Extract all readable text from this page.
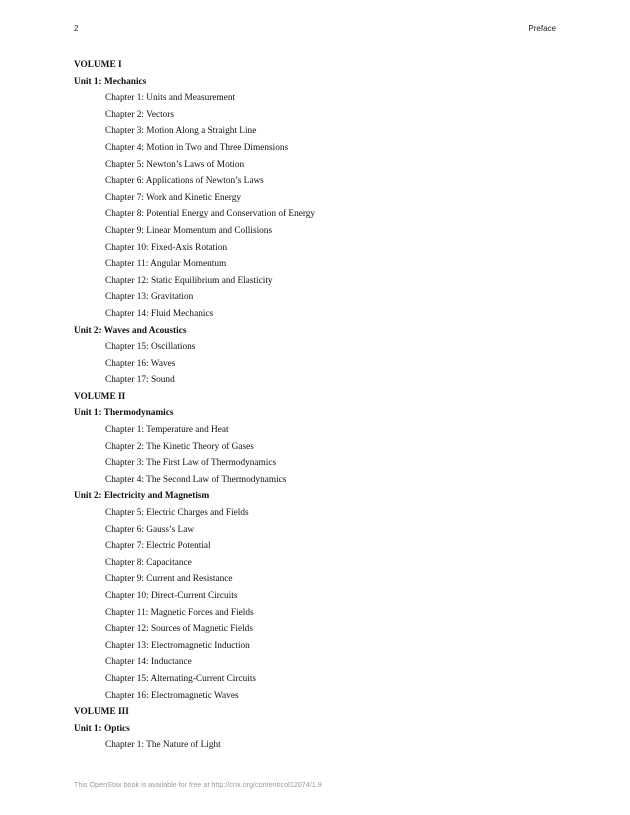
2	Preface
VOLUME I
Unit 1: Mechanics
Chapter 1: Units and Measurement
Chapter 2: Vectors
Chapter 3: Motion Along a Straight Line
Chapter 4: Motion in Two and Three Dimensions
Chapter 5: Newton’s Laws of Motion
Chapter 6: Applications of Newton’s Laws
Chapter 7: Work and Kinetic Energy
Chapter 8: Potential Energy and Conservation of Energy
Chapter 9: Linear Momentum and Collisions
Chapter 10: Fixed-Axis Rotation
Chapter 11: Angular Momentum
Chapter 12: Static Equilibrium and Elasticity
Chapter 13: Gravitation
Chapter 14: Fluid Mechanics
Unit 2: Waves and Acoustics
Chapter 15: Oscillations
Chapter 16: Waves
Chapter 17: Sound
VOLUME II
Unit 1: Thermodynamics
Chapter 1: Temperature and Heat
Chapter 2: The Kinetic Theory of Gases
Chapter 3: The First Law of Thermodynamics
Chapter 4: The Second Law of Thermodynamics
Unit 2: Electricity and Magnetism
Chapter 5: Electric Charges and Fields
Chapter 6: Gauss’s Law
Chapter 7: Electric Potential
Chapter 8: Capacitance
Chapter 9: Current and Resistance
Chapter 10: Direct-Current Circuits
Chapter 11: Magnetic Forces and Fields
Chapter 12: Sources of Magnetic Fields
Chapter 13: Electromagnetic Induction
Chapter 14: Inductance
Chapter 15: Alternating-Current Circuits
Chapter 16: Electromagnetic Waves
VOLUME III
Unit 1: Optics
Chapter 1: The Nature of Light
This OpenStax book is available for free at http://cnx.org/content/col12074/1.9
